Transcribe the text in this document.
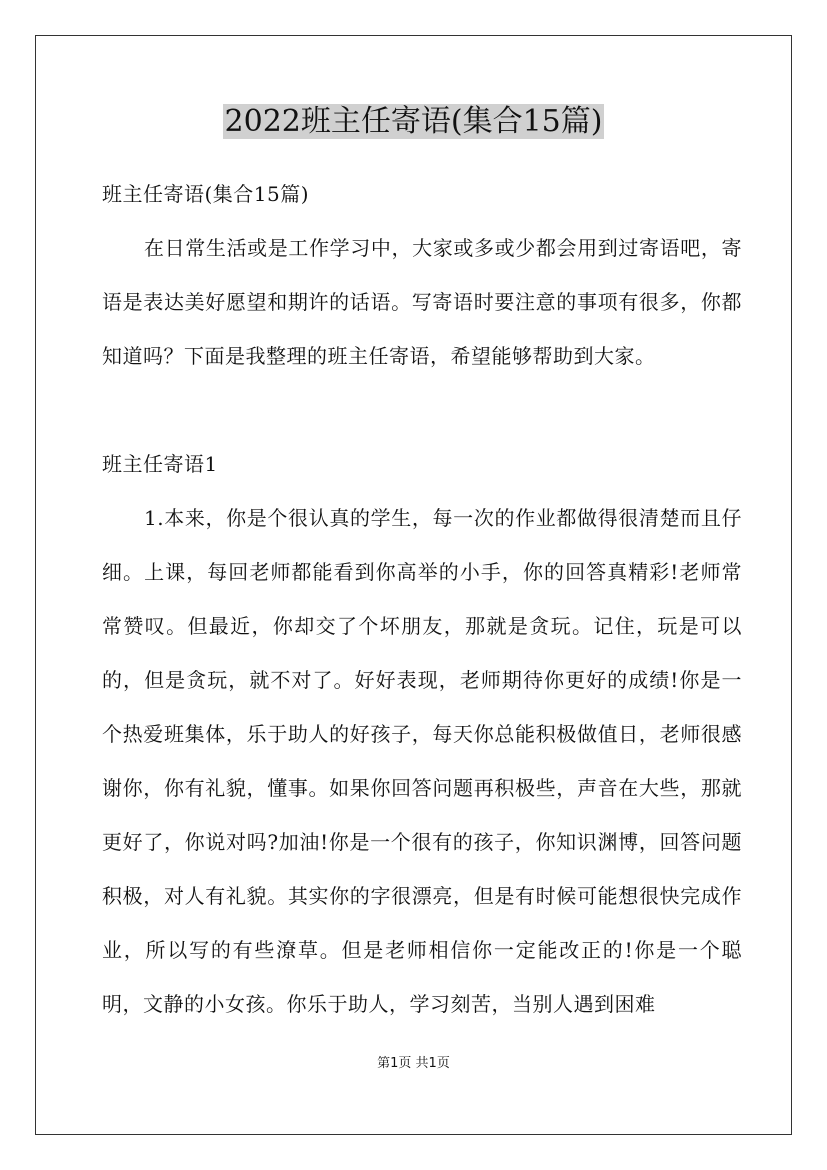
2022班主任寄语(集合15篇)
班主任寄语(集合15篇)
在日常生活或是工作学习中，大家或多或少都会用到过寄语吧，寄语是表达美好愿望和期许的话语。写寄语时要注意的事项有很多，你都知道吗？下面是我整理的班主任寄语，希望能够帮助到大家。
班主任寄语1
1.本来，你是个很认真的学生，每一次的作业都做得很清楚而且仔细。上课，每回老师都能看到你高举的小手，你的回答真精彩!老师常常赞叹。但最近，你却交了个坏朋友，那就是贪玩。记住，玩是可以的，但是贪玩，就不对了。好好表现，老师期待你更好的成绩!你是一个热爱班集体，乐于助人的好孩子，每天你总能积极做值日，老师很感谢你，你有礼貌，懂事。如果你回答问题再积极些，声音在大些，那就更好了，你说对吗?加油!你是一个很有的孩子，你知识渊博，回答问题积极，对人有礼貌。其实你的字很漂亮，但是有时候可能想很快完成作业，所以写的有些潦草。但是老师相信你一定能改正的!你是一个聪明，文静的小女孩。你乐于助人，学习刻苦，当别人遇到困难
第1页 共1页
